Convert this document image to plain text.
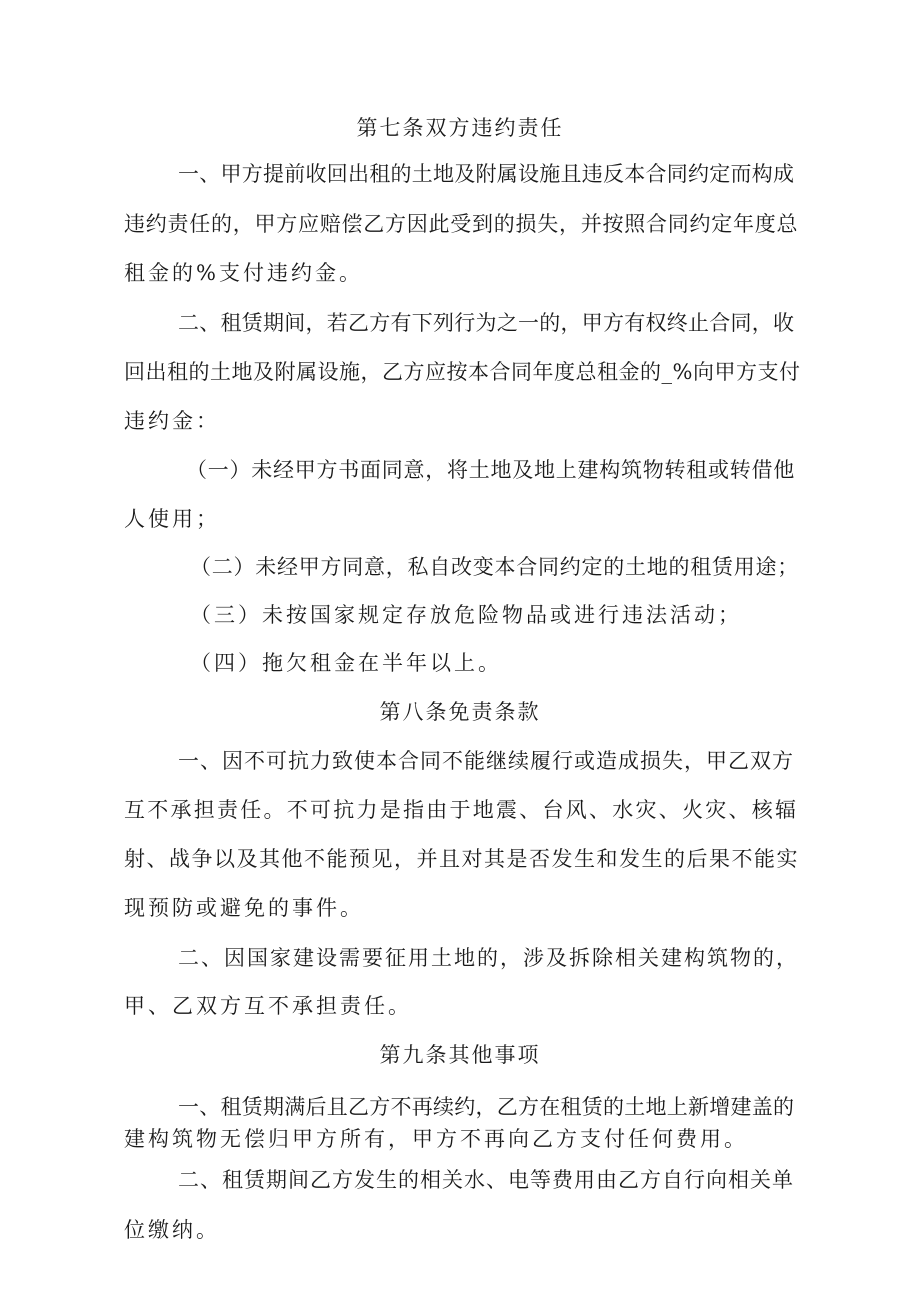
第七条双方违约责任

一、甲方提前收回出租的土地及附属设施且违反本合同约定而构成

违约责任的，甲方应赔偿乙方因此受到的损失，并按照合同约定年度总

租金的%支付违约金。

二、租赁期间，若乙方有下列行为之一的，甲方有权终止合同，收

回出租的土地及附属设施，乙方应按本合同年度总租金的_%向甲方支付

违约金：

（一）未经甲方书面同意，将土地及地上建构筑物转租或转借他

人使用；

（二）未经甲方同意，私自改变本合同约定的土地的租赁用途；

（三）未按国家规定存放危险物品或进行违法活动；

（四）拖欠租金在半年以上。

第八条免责条款

一、因不可抗力致使本合同不能继续履行或造成损失，甲乙双方

互不承担责任。不可抗力是指由于地震、台风、水灾、火灾、核辐

射、战争以及其他不能预见，并且对其是否发生和发生的后果不能实

现预防或避免的事件。

二、因国家建设需要征用土地的，涉及拆除相关建构筑物的，

甲、乙双方互不承担责任。

第九条其他事项

一、租赁期满后且乙方不再续约，乙方在租赁的土地上新增建盖的

建构筑物无偿归甲方所有，甲方不再向乙方支付任何费用。

二、租赁期间乙方发生的相关水、电等费用由乙方自行向相关单

位缴纳。
